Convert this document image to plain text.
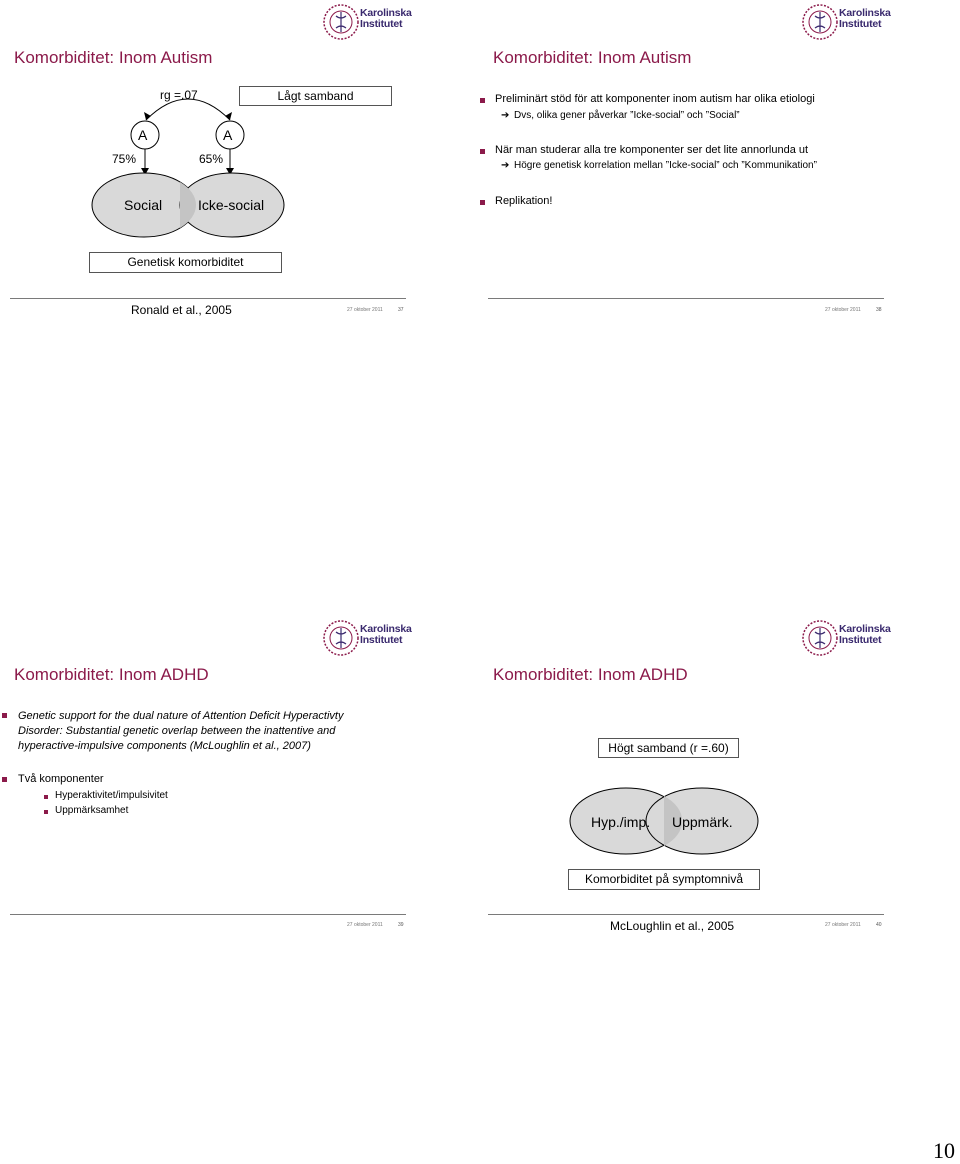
Karolinska
Institutet
Komorbiditet: Inom Autism
rg =.07	Lågt samband
A	A
75%	65%
Social	Icke-social
Genetisk komorbiditet
Ronald et al., 2005	27 oktober 2011	37
Karolinska
Institutet
Komorbiditet: Inom Autism
Preliminärt stöd för att komponenter inom autism har olika etiologi
➔ Dvs, olika gener påverkar ”Icke-social” och ”Social”
När man studerar alla tre komponenter ser det lite annorlunda ut
➔ Högre genetisk korrelation mellan ”Icke-social” och ”Kommunikation”
Replikation!
27 oktober 2011	38
Karolinska
Institutet
Komorbiditet: Inom ADHD
Genetic support for the dual nature of Attention Deficit Hyperactivty
Disorder: Substantial genetic overlap between the inattentive and
hyperactive-impulsive components (McLoughlin et al., 2007)
Två komponenter
Hyperaktivitet/impulsivitet
Uppmärksamhet
27 oktober 2011	39
Karolinska
Institutet
Komorbiditet: Inom ADHD
Högt samband (r =.60)
Hyp./imp. Uppmärk.
Komorbiditet på symptomnivå
McLoughlin et al., 2005	27 oktober 2011	40
10
